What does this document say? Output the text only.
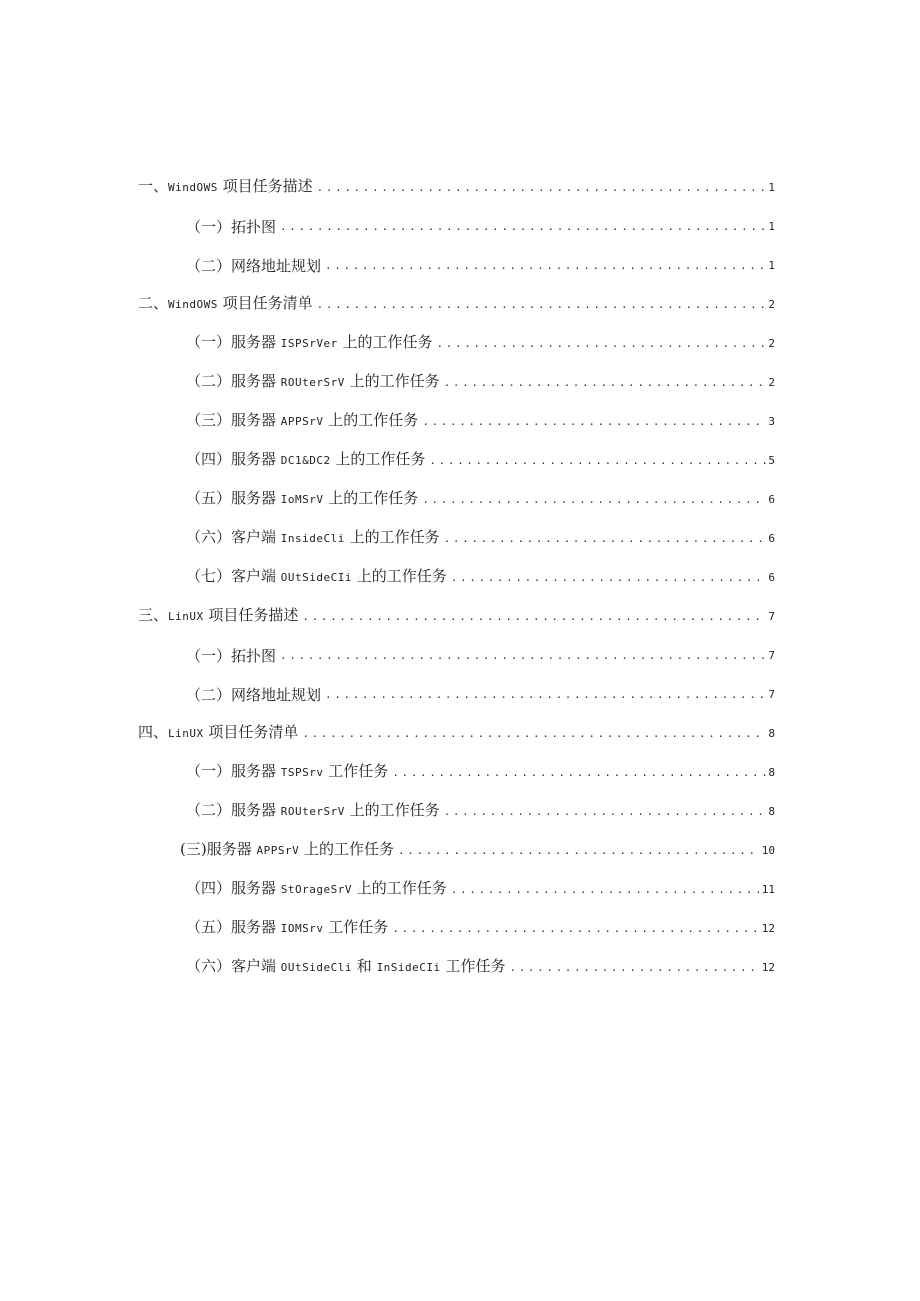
一、WindOWS 项目任务描述 .....	1
（一）拓扑图 .....	1
（二）网络地址规划 .....	1
二、WindOWS 项目任务清单 .....	2
（一）服务器 ISPSrVer 上的工作任务 .....	2
（二）服务器 ROUterSrV 上的工作任务 .....	2
（三）服务器 APPSrV 上的工作任务 .....	3
（四）服务器 DC1&DC2 上的工作任务 .....	5
（五）服务器 IoMSrV 上的工作任务 .....	6
（六）客户端 InsideCli 上的工作任务 .....	6
（七）客户端 OUtSideCIi 上的工作任务 .....	6
三、LinUX 项目任务描述 .....	7
（一）拓扑图 .....	7
（二）网络地址规划 .....	7
四、LinUX 项目任务清单 .....	8
（一）服务器 TSPSrv 工作任务 .....	8
（二）服务器 ROUterSrV 上的工作任务 .....	8
(三)服务器 APPSrV 上的工作任务 .....	10
（四）服务器 StOrageSrV 上的工作任务 .....	11
（五）服务器 IOMSrv 工作任务 .....	12
（六）客户端 OUtSideCli 和 InSideCIi 工作任务 .....	12
